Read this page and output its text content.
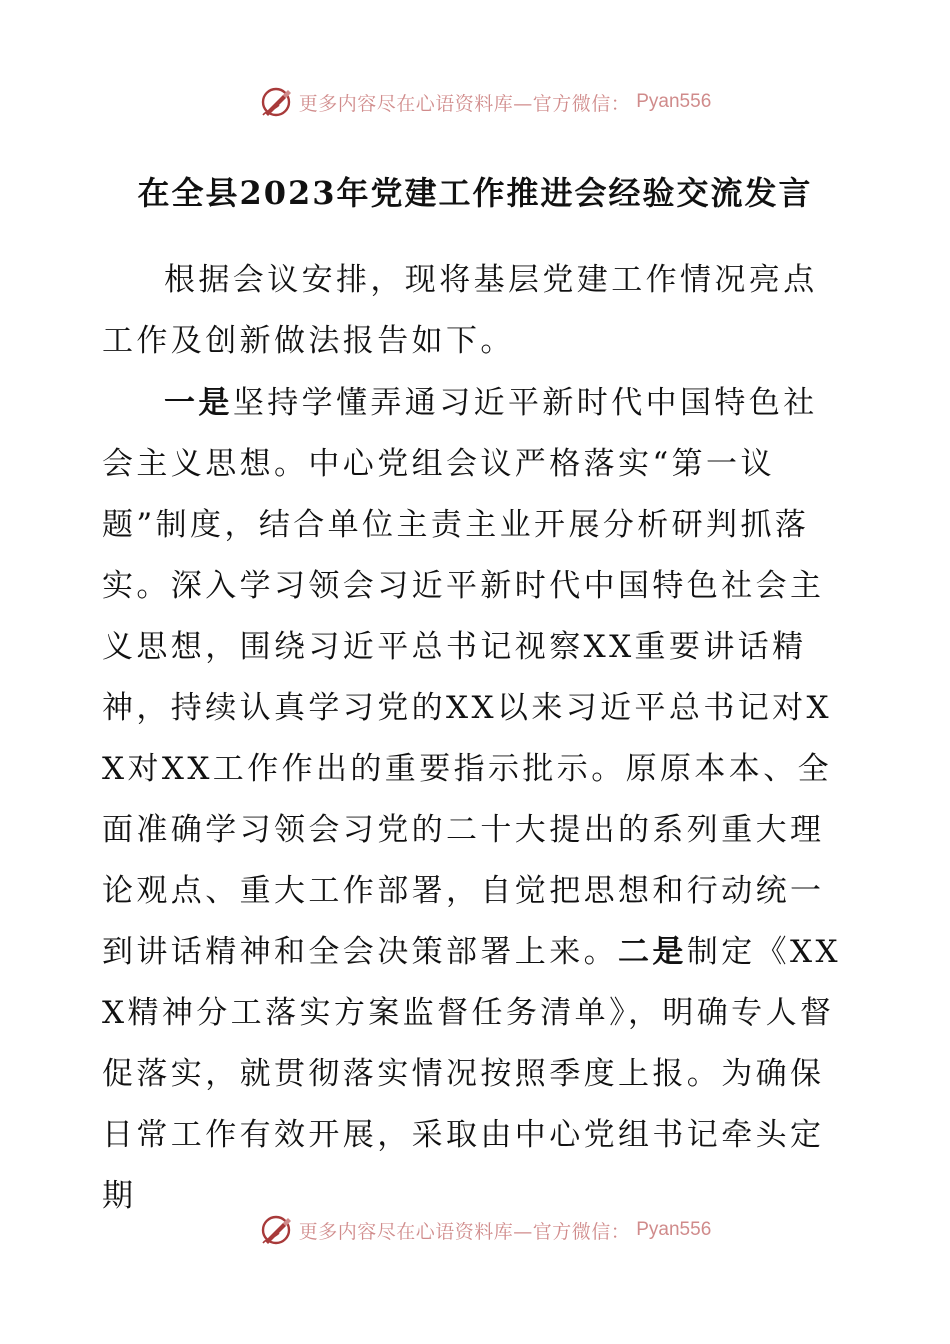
更多内容尽在心语资料库—官方微信： Pyan556
在全县2023年党建工作推进会经验交流发言

根据会议安排，现将基层党建工作情况亮点工作及创新做法报告如下。

一是坚持学懂弄通习近平新时代中国特色社会主义思想。中心党组会议严格落实“第一议题”制度，结合单位主责主业开展分析研判抓落实。深入学习领会习近平新时代中国特色社会主义思想，围绕习近平总书记视察XX重要讲话精神，持续认真学习党的XX以来习近平总书记对XX对XX工作作出的重要指示批示。原原本本、全面准确学习领会习党的二十大提出的系列重大理论观点、重大工作部署，自觉把思想和行动统一到讲话精神和全会决策部署上来。二是制定《XXX精神分工落实方案监督任务清单》，明确专人督促落实，就贯彻落实情况按照季度上报。为确保日常工作有效开展，采取由中心党组书记牵头定期

更多内容尽在心语资料库—官方微信： Pyan556
